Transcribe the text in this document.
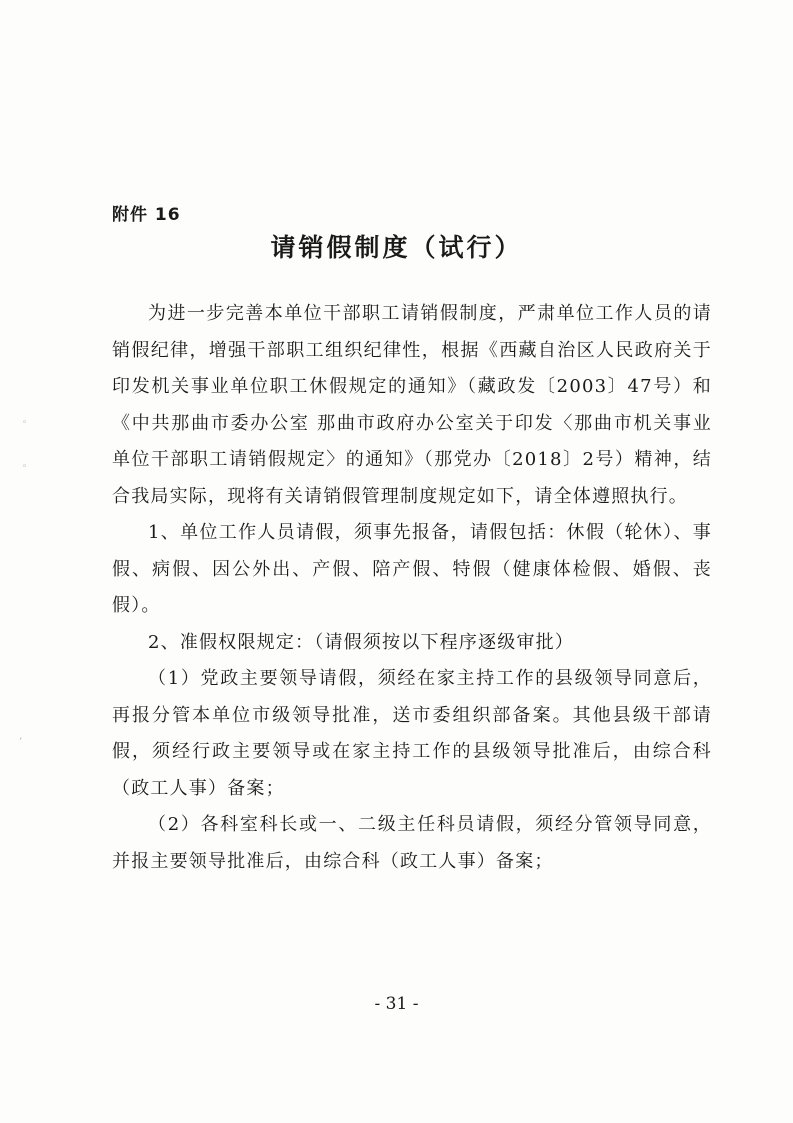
◦
◦
ˊ
附件 16
请销假制度（试行）

为进一步完善本单位干部职工请销假制度，严肃单位工作人员的请销假纪律，增强干部职工组织纪律性，根据《西藏自治区人民政府关于印发机关事业单位职工休假规定的通知》（藏政发〔2003〕47号）和《中共那曲市委办公室 那曲市政府办公室关于印发〈那曲市机关事业单位干部职工请销假规定〉的通知》（那党办〔2018〕2号）精神，结合我局实际，现将有关请销假管理制度规定如下，请全体遵照执行。

1、单位工作人员请假，须事先报备，请假包括：休假（轮休）、事假、病假、因公外出、产假、陪产假、特假（健康体检假、婚假、丧假）。

2、准假权限规定：（请假须按以下程序逐级审批）

（1）党政主要领导请假，须经在家主持工作的县级领导同意后，再报分管本单位市级领导批准，送市委组织部备案。其他县级干部请假，须经行政主要领导或在家主持工作的县级领导批准后，由综合科（政工人事）备案；

（2）各科室科长或一、二级主任科员请假，须经分管领导同意，并报主要领导批准后，由综合科（政工人事）备案；

- 31 -
